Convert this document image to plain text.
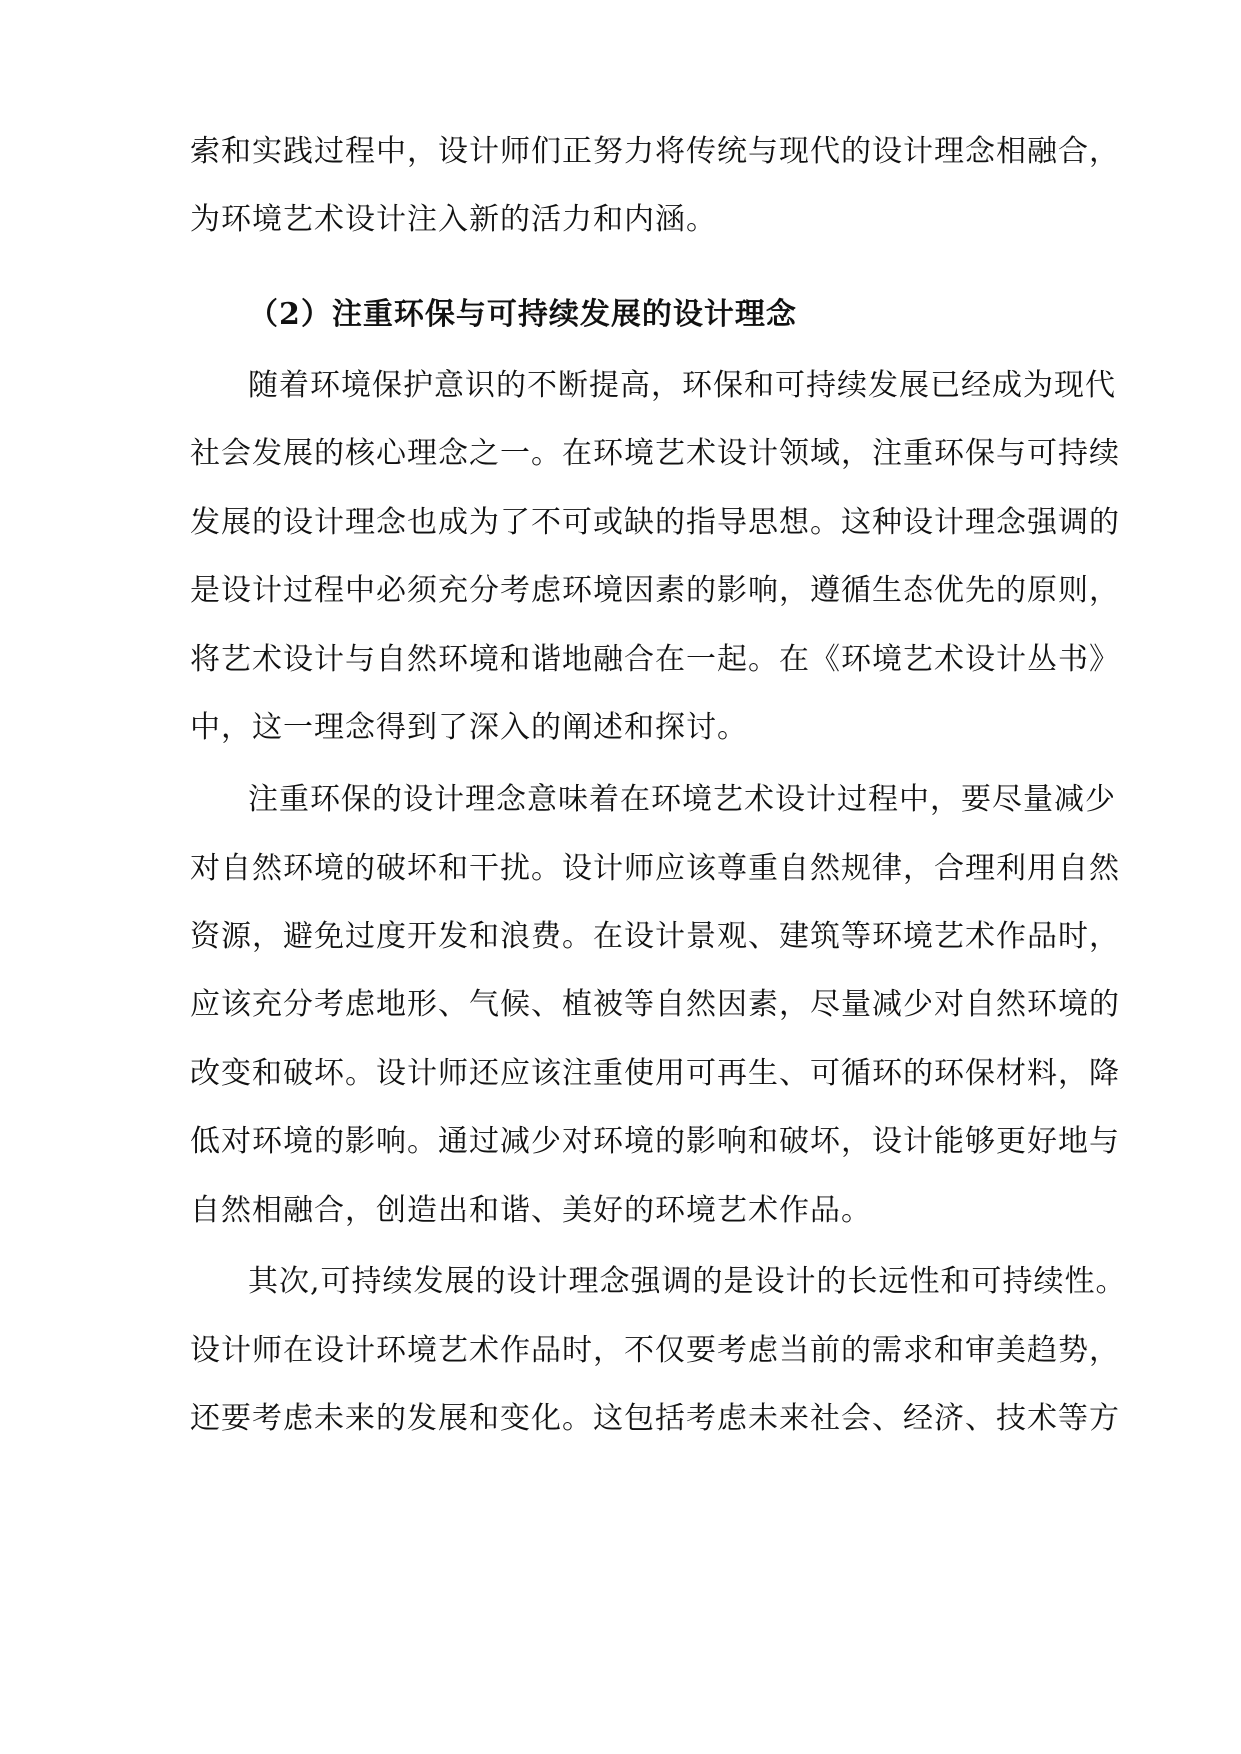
索和实践过程中，设计师们正努力将传统与现代的设计理念相融合，
为环境艺术设计注入新的活力和内涵。
（2）注重环保与可持续发展的设计理念
随着环境保护意识的不断提高，环保和可持续发展已经成为现代
社会发展的核心理念之一。在环境艺术设计领域，注重环保与可持续
发展的设计理念也成为了不可或缺的指导思想。这种设计理念强调的
是设计过程中必须充分考虑环境因素的影响，遵循生态优先的原则，
将艺术设计与自然环境和谐地融合在一起。在《环境艺术设计丛书》
中，这一理念得到了深入的阐述和探讨。
注重环保的设计理念意味着在环境艺术设计过程中，要尽量减少
对自然环境的破坏和干扰。设计师应该尊重自然规律，合理利用自然
资源，避免过度开发和浪费。在设计景观、建筑等环境艺术作品时，
应该充分考虑地形、气候、植被等自然因素，尽量减少对自然环境的
改变和破坏。设计师还应该注重使用可再生、可循环的环保材料，降
低对环境的影响。通过减少对环境的影响和破坏，设计能够更好地与
自然相融合，创造出和谐、美好的环境艺术作品。
其次,可持续发展的设计理念强调的是设计的长远性和可持续性。
设计师在设计环境艺术作品时，不仅要考虑当前的需求和审美趋势，
还要考虑未来的发展和变化。这包括考虑未来社会、经济、技术等方
